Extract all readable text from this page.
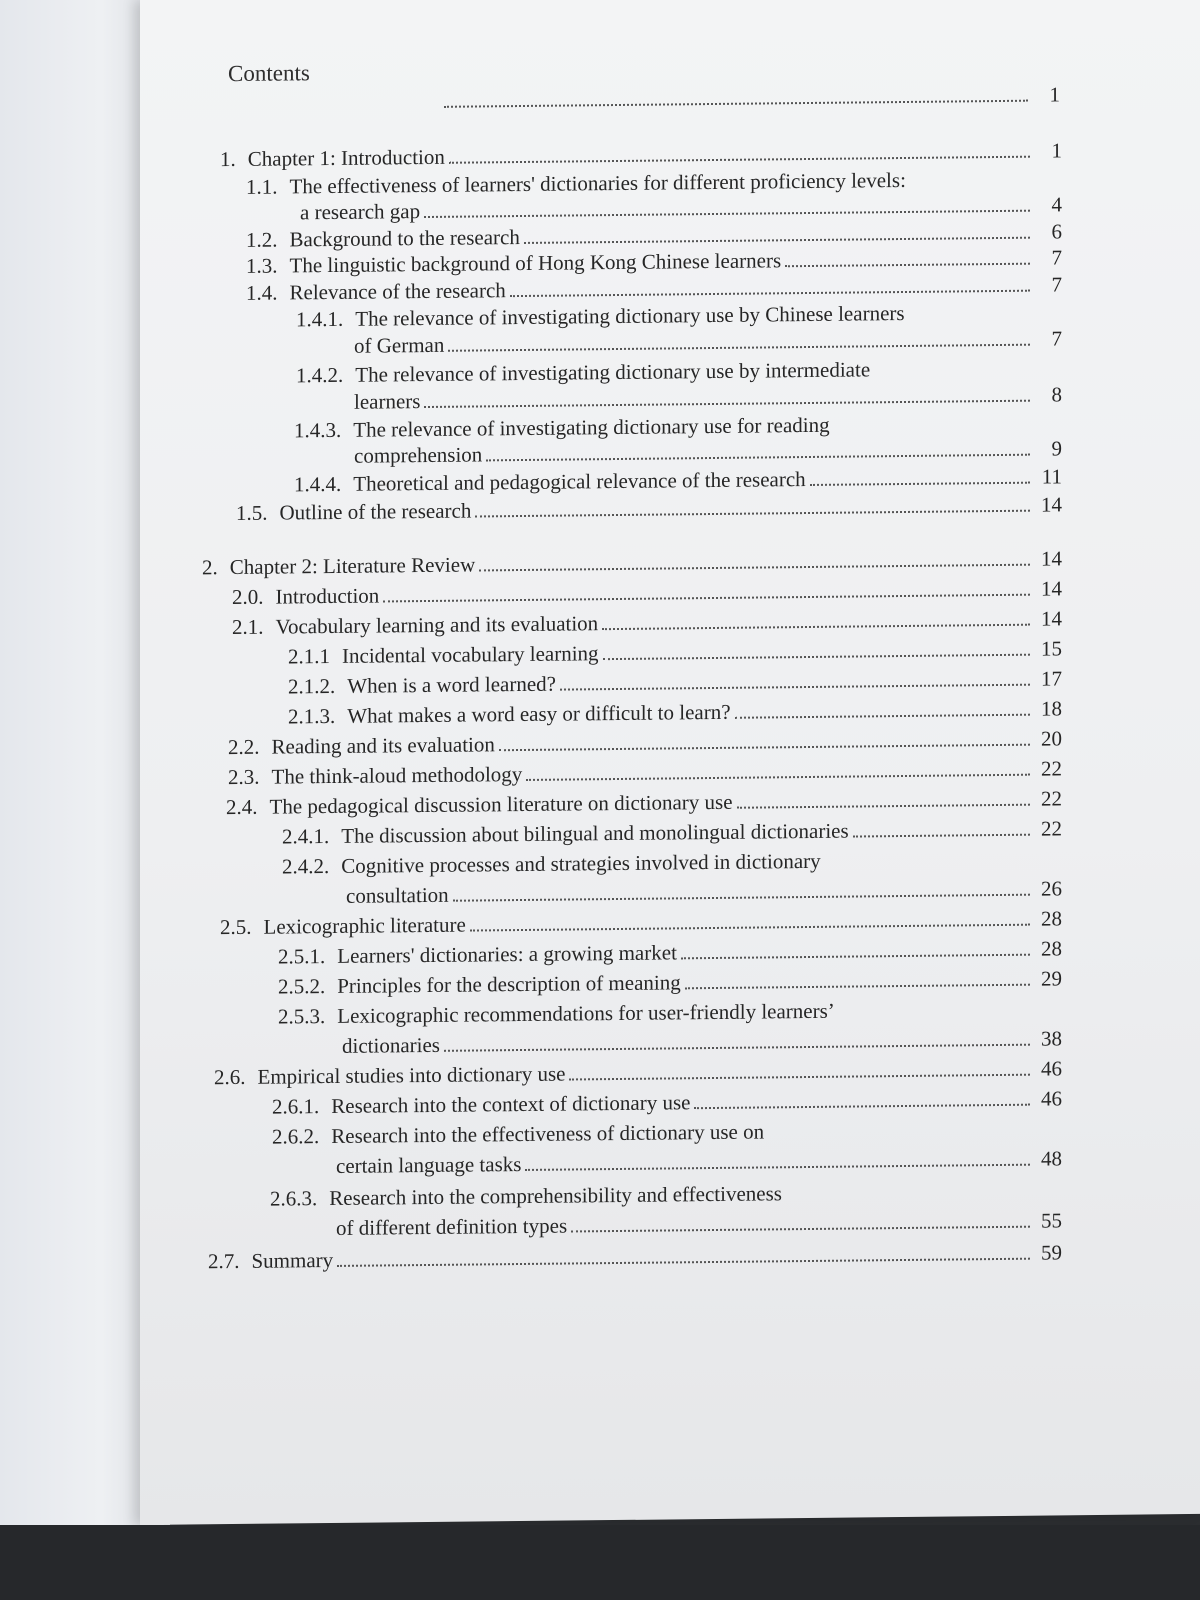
Contents
1
1. Chapter 1: Introduction	1
1.1. The effectiveness of learners' dictionaries for different proficiency levels:
a research gap	4
1.2. Background to the research	6
1.3. The linguistic background of Hong Kong Chinese learners	7
1.4. Relevance of the research	7
1.4.1. The relevance of investigating dictionary use by Chinese learners
of German	7
1.4.2. The relevance of investigating dictionary use by intermediate
learners	8
1.4.3. The relevance of investigating dictionary use for reading
comprehension	9
1.4.4. Theoretical and pedagogical relevance of the research	11
1.5. Outline of the research	14
2. Chapter 2: Literature Review	14
2.0. Introduction	14
2.1. Vocabulary learning and its evaluation	14
2.1.1 Incidental vocabulary learning	15
2.1.2. When is a word learned?	17
2.1.3. What makes a word easy or difficult to learn?	18
2.2. Reading and its evaluation	20
2.3. The think-aloud methodology	22
2.4. The pedagogical discussion literature on dictionary use	22
2.4.1. The discussion about bilingual and monolingual dictionaries	22
2.4.2. Cognitive processes and strategies involved in dictionary
consultation	26
2.5. Lexicographic literature	28
2.5.1. Learners' dictionaries: a growing market	28
2.5.2. Principles for the description of meaning	29
2.5.3. Lexicographic recommendations for user-friendly learners’
dictionaries	38
2.6. Empirical studies into dictionary use	46
2.6.1. Research into the context of dictionary use	46
2.6.2. Research into the effectiveness of dictionary use on
certain language tasks	48
2.6.3. Research into the comprehensibility and effectiveness
of different definition types	55
2.7. Summary	59
